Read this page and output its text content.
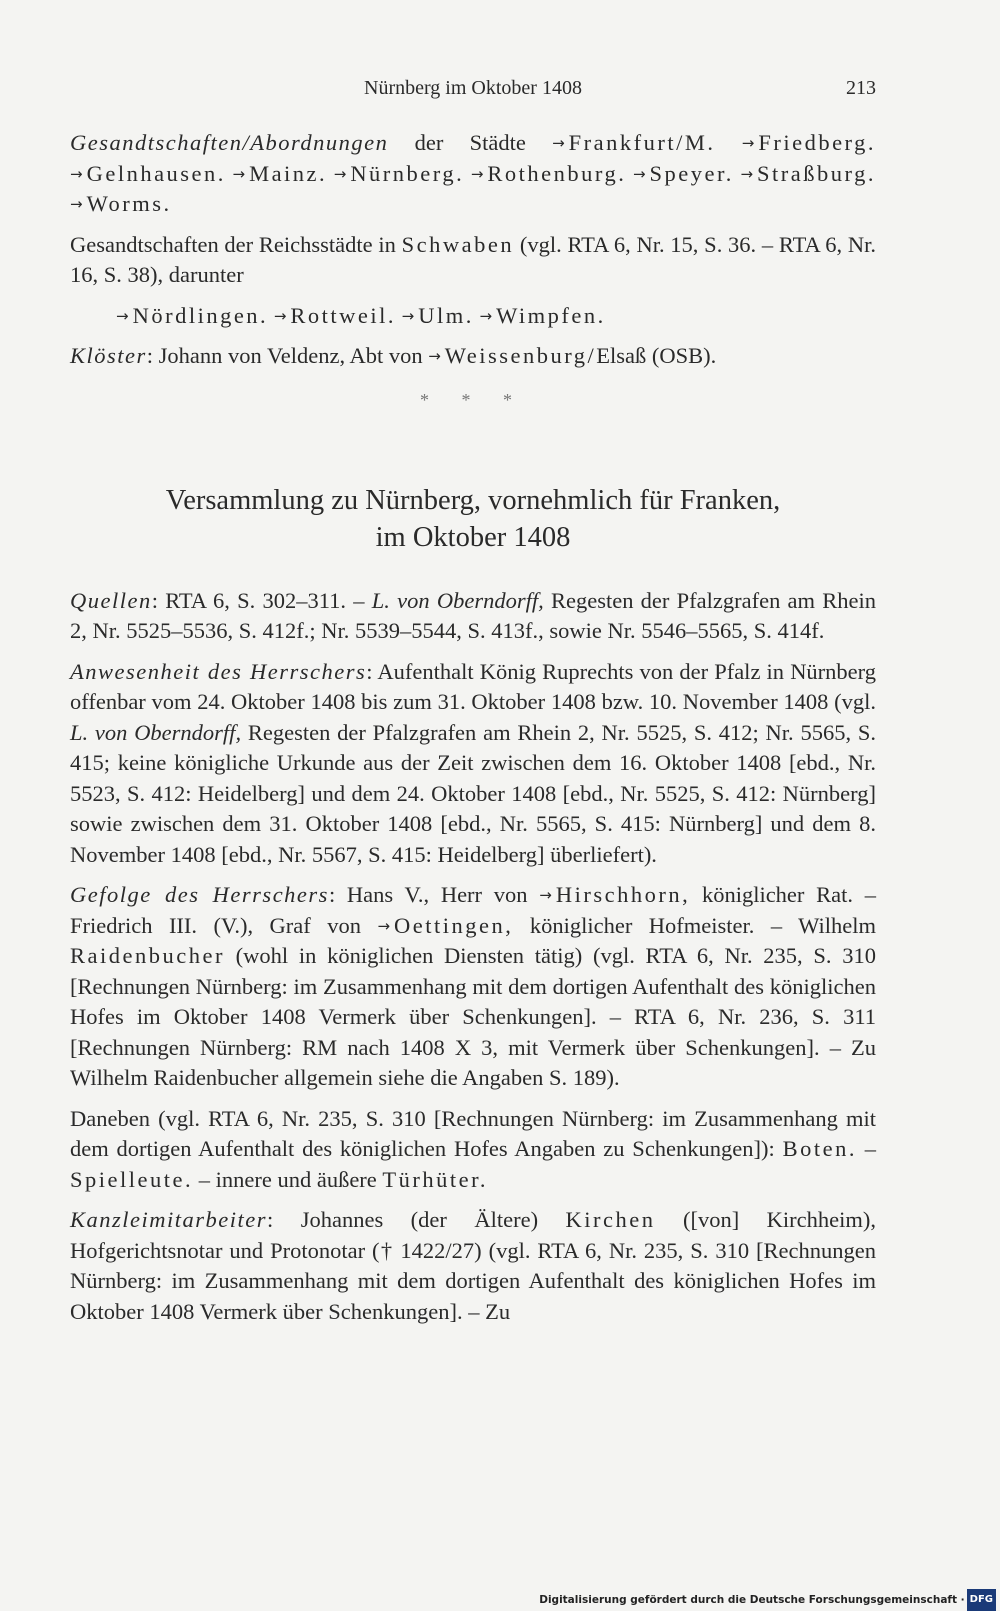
Nürnberg im Oktober 1408	213

Gesandtschaften/Abordnungen der Städte → Frankfurt/M. → Friedberg. → Gelnhausen. → Mainz. → Nürnberg. → Rothenburg. → Speyer. → Straßburg. → Worms.

Gesandtschaften der Reichsstädte in Schwaben (vgl. RTA 6, Nr. 15, S. 36. – RTA 6, Nr. 16, S. 38), darunter

→ Nördlingen. → Rottweil. → Ulm. → Wimpfen.

Klöster: Johann von Veldenz, Abt von → Weissenburg/Elsaß (OSB).

* * *
Versammlung zu Nürnberg, vornehmlich für Franken,
im Oktober 1408

Quellen: RTA 6, S. 302–311. – L. von Oberndorff, Regesten der Pfalzgrafen am Rhein 2, Nr. 5525–5536, S. 412f.; Nr. 5539–5544, S. 413f., sowie Nr. 5546–5565, S. 414f.

Anwesenheit des Herrschers: Aufenthalt König Ruprechts von der Pfalz in Nürnberg offenbar vom 24. Oktober 1408 bis zum 31. Oktober 1408 bzw. 10. November 1408 (vgl. L. von Oberndorff, Regesten der Pfalzgrafen am Rhein 2, Nr. 5525, S. 412; Nr. 5565, S. 415; keine königliche Urkunde aus der Zeit zwischen dem 16. Oktober 1408 [ebd., Nr. 5523, S. 412: Heidelberg] und dem 24. Oktober 1408 [ebd., Nr. 5525, S. 412: Nürnberg] sowie zwischen dem 31. Oktober 1408 [ebd., Nr. 5565, S. 415: Nürnberg] und dem 8. November 1408 [ebd., Nr. 5567, S. 415: Heidelberg] überliefert).

Gefolge des Herrschers: Hans V., Herr von → Hirschhorn, königlicher Rat. – Friedrich III. (V.), Graf von → Oettingen, königlicher Hofmeister. – Wilhelm Raidenbucher (wohl in königlichen Diensten tätig) (vgl. RTA 6, Nr. 235, S. 310 [Rechnungen Nürnberg: im Zusammenhang mit dem dortigen Aufenthalt des königlichen Hofes im Oktober 1408 Vermerk über Schenkungen]. – RTA 6, Nr. 236, S. 311 [Rechnungen Nürnberg: RM nach 1408 X 3, mit Vermerk über Schenkungen]. – Zu Wilhelm Raidenbucher allgemein siehe die Angaben S. 189).

Daneben (vgl. RTA 6, Nr. 235, S. 310 [Rechnungen Nürnberg: im Zusammenhang mit dem dortigen Aufenthalt des königlichen Hofes Angaben zu Schenkungen]): Boten. – Spielleute. – innere und äußere Türhüter.

Kanzleimitarbeiter: Johannes (der Ältere) Kirchen ([von] Kirchheim), Hofgerichtsnotar und Protonotar († 1422/27) (vgl. RTA 6, Nr. 235, S. 310 [Rechnungen Nürnberg: im Zusammenhang mit dem dortigen Aufenthalt des königlichen Hofes im Oktober 1408 Vermerk über Schenkungen]. – Zu

Digitalisierung gefördert durch die Deutsche Forschungsgemeinschaft · DFG
